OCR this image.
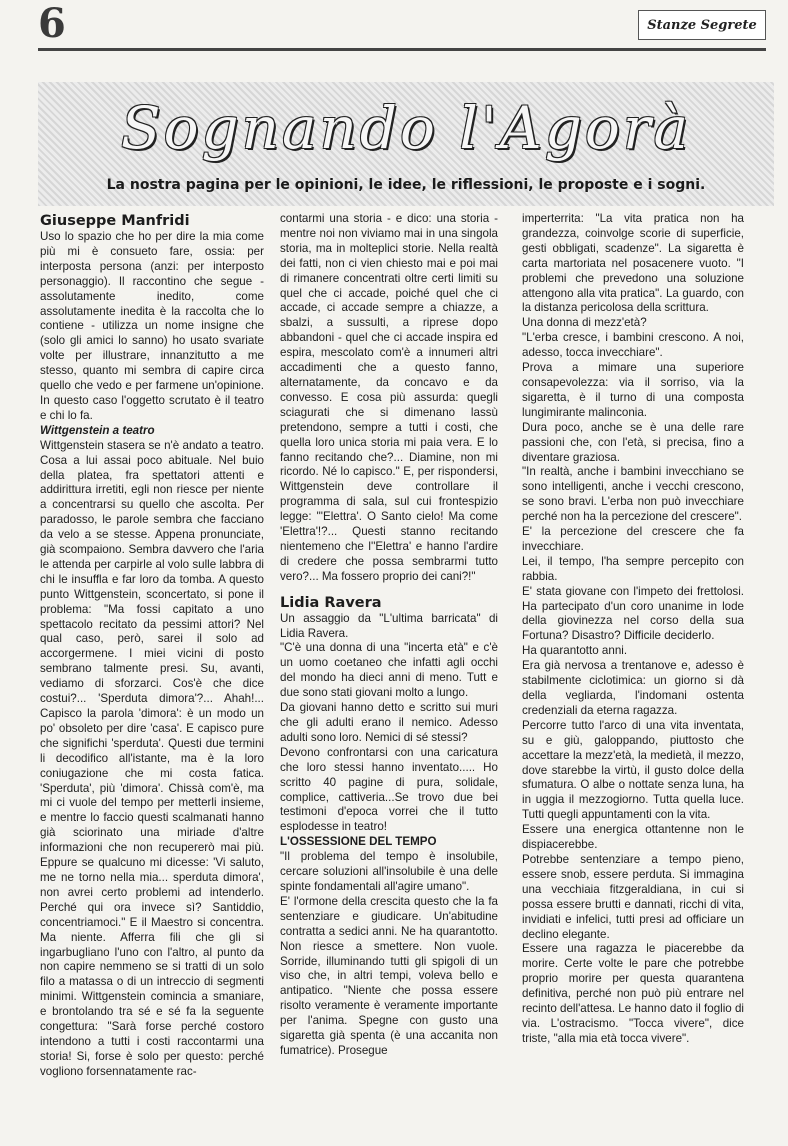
6	Stanze Segrete
Sognando l'Agorà
La nostra pagina per le opinioni, le idee, le riflessioni, le proposte e i sogni.

Giuseppe Manfridi

Uso lo spazio che ho per dire la mia come più mi è consueto fare, ossia: per interposta persona (anzi: per interposto personaggio). Il raccontino che segue - assolutamente inedito, come assolutamente inedita è la raccolta che lo contiene - utilizza un nome insigne che (solo gli amici lo sanno) ho usato svariate volte per illustrare, innanzitutto a me stesso, quanto mi sembra di capire circa quello che vedo e per farmene un'opinione. In questo caso l'oggetto scrutato è il teatro e chi lo fa.

Wittgenstein a teatro

Wittgenstein stasera se n'è andato a teatro. Cosa a lui assai poco abituale. Nel buio della platea, fra spettatori attenti e addirittura irretiti, egli non riesce per niente a concentrarsi su quello che ascolta. Per paradosso, le parole sembra che facciano da velo a se stesse. Appena pronunciate, già scompaiono. Sembra davvero che l'aria le attenda per carpirle al volo sulle labbra di chi le insuffla e far loro da tomba. A questo punto Wittgenstein, sconcertato, si pone il problema: "Ma fossi capitato a uno spettacolo recitato da pessimi attori? Nel qual caso, però, sarei il solo ad accorgermene. I miei vicini di posto sembrano talmente presi. Su, avanti, vediamo di sforzarci. Cos'è che dice costui?... 'Sperduta dimora'?... Ahah!... Capisco la parola 'dimora': è un modo un po' obsoleto per dire 'casa'. E capisco pure che significhi 'sperduta'. Questi due termini li decodifico all'istante, ma è la loro coniugazione che mi costa fatica. 'Sperduta', più 'dimora'. Chissà com'è, ma mi ci vuole del tempo per metterli insieme, e mentre lo faccio questi scalmanati hanno già sciorinato una miriade d'altre informazioni che non recupererò mai più. Eppure se qualcuno mi dicesse: 'Vi saluto, me ne torno nella mia... sperduta dimora', non avrei certo problemi ad intenderlo. Perché qui ora invece sì? Santiddio, concentriamoci." E il Maestro si concentra. Ma niente. Afferra fili che gli si ingarbugliano l'uno con l'altro, al punto da non capire nemmeno se si tratti di un solo filo a matassa o di un intreccio di segmenti minimi. Wittgenstein comincia a smaniare, e brontolando tra sé e sé fa la seguente congettura: "Sarà forse perché costoro intendono a tutti i costi raccontarmi una storia! Si, forse è solo per questo: perché vogliono forsennatamente rac-

contarmi una storia - e dico: una storia - mentre noi non viviamo mai in una singola storia, ma in molteplici storie. Nella realtà dei fatti, non ci vien chiesto mai e poi mai di rimanere concentrati oltre certi limiti su quel che ci accade, poiché quel che ci accade, ci accade sempre a chiazze, a sbalzi, a sussulti, a riprese dopo abbandoni - quel che ci accade inspira ed espira, mescolato com'è a innumeri altri accadimenti che a questo fanno, alternatamente, da concavo e da convesso. E cosa più assurda: quegli sciagurati che si dimenano lassù pretendono, sempre a tutti i costi, che quella loro unica storia mi paia vera. E lo fanno recitando che?... Diamine, non mi ricordo. Né lo capisco." E, per rispondersi, Wittgenstein deve controllare il programma di sala, sul cui frontespizio legge: "'Elettra'. O Santo cielo! Ma come 'Elettra'!?... Questi stanno recitando nientemeno che l''Elettra' e hanno l'ardire di credere che possa sembrarmi tutto vero?... Ma fossero proprio dei cani?!"

Lidia Ravera

Un assaggio da "L'ultima barricata" di Lidia Ravera.

"C'è una donna di una "incerta età" e c'è un uomo coetaneo che infatti agli occhi del mondo ha dieci anni di meno. Tutt e due sono stati giovani molto a lungo.

Da giovani hanno detto e scritto sui muri che gli adulti erano il nemico. Adesso adulti sono loro. Nemici di sé stessi?

Devono confrontarsi con una caricatura che loro stessi hanno inventato..... Ho scritto 40 pagine di pura, solidale, complice, cattiveria...Se trovo due bei testimoni d'epoca vorrei che il tutto esplodesse in teatro!

L'OSSESSIONE DEL TEMPO

"Il problema del tempo è insolubile, cercare soluzioni all'insolubile è una delle spinte fondamentali all'agire umano".

E' l'ormone della crescita questo che la fa sentenziare e giudicare. Un'abitudine contratta a sedici anni. Ne ha quarantotto. Non riesce a smettere. Non vuole. Sorride, illuminando tutti gli spigoli di un viso che, in altri tempi, voleva bello e antipatico. "Niente che possa essere risolto veramente è veramente importante per l'anima. Spegne con gusto una sigaretta già spenta (è una accanita non fumatrice). Prosegue

imperterrita: "La vita pratica non ha grandezza, coinvolge scorie di superficie, gesti obbligati, scadenze". La sigaretta è carta martoriata nel posacenere vuoto. "I problemi che prevedono una soluzione attengono alla vita pratica". La guardo, con la distanza pericolosa della scrittura.

Una donna di mezz'età?

"L'erba cresce, i bambini crescono. A noi, adesso, tocca invecchiare".

Prova a mimare una superiore consapevolezza: via il sorriso, via la sigaretta, è il turno di una composta lungimirante malinconia.

Dura poco, anche se è una delle rare passioni che, con l'età, si precisa, fino a diventare graziosa.

"In realtà, anche i bambini invecchiano se sono intelligenti, anche i vecchi crescono, se sono bravi. L'erba non può invecchiare perché non ha la percezione del crescere".

E' la percezione del crescere che fa invecchiare.

Lei, il tempo, l'ha sempre percepito con rabbia.

E' stata giovane con l'impeto dei frettolosi. Ha partecipato d'un coro unanime in lode della giovinezza nel corso della sua Fortuna? Disastro? Difficile deciderlo.

Ha quarantotto anni.

Era già nervosa a trentanove e, adesso è stabilmente ciclotimica: un giorno si dà della vegliarda, l'indomani ostenta credenziali da eterna ragazza.

Percorre tutto l'arco di una vita inventata, su e giù, galoppando, piuttosto che accettare la mezz'età, la medietà, il mezzo, dove starebbe la virtù, il gusto dolce della sfumatura. O albe o nottate senza luna, ha in uggia il mezzogiorno. Tutta quella luce. Tutti quegli appuntamenti con la vita.

Essere una energica ottantenne non le dispiacerebbe.

Potrebbe sentenziare a tempo pieno, essere snob, essere perduta. Si immagina una vecchiaia fitzgeraldiana, in cui si possa essere brutti e dannati, ricchi di vita, invidiati e infelici, tutti presi ad officiare un declino elegante.

Essere una ragazza le piacerebbe da morire. Certe volte le pare che potrebbe proprio morire per questa quarantena definitiva, perché non può più entrare nel recinto dell'attesa. Le hanno dato il foglio di via. L'ostracismo. "Tocca vivere", dice triste, "alla mia età tocca vivere".
